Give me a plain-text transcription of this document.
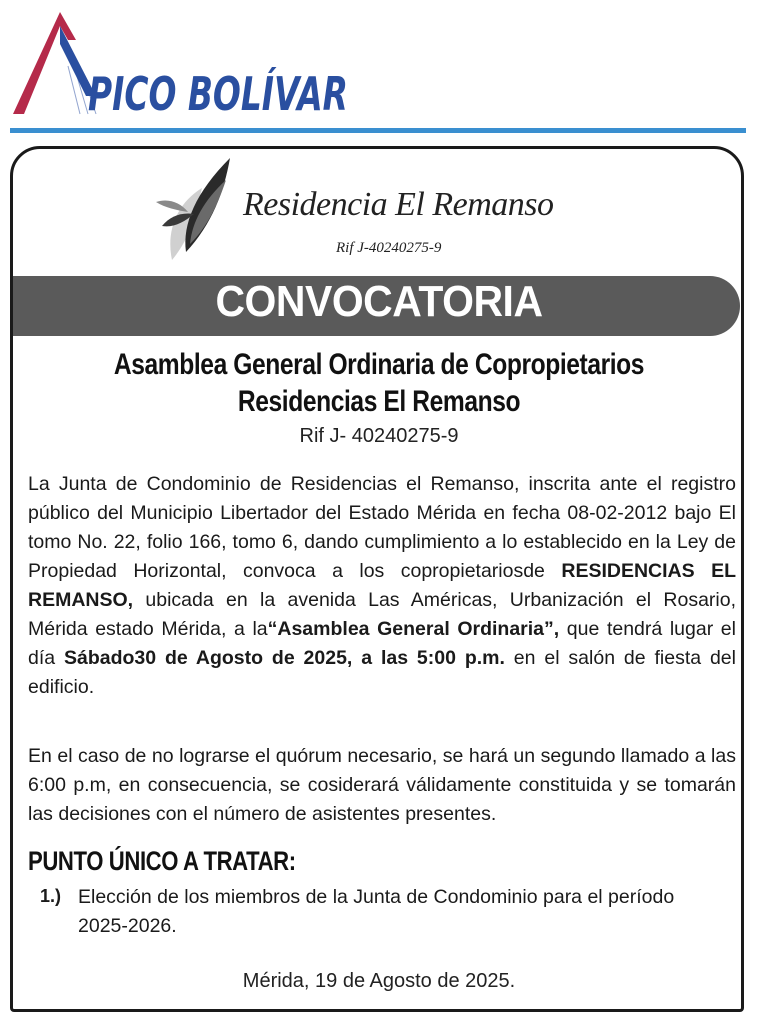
PICO BOLÍVAR
Residencia El Remanso
Rif J-40240275-9
CONVOCATORIA
Asamblea General Ordinaria de Copropietarios
Residencias El Remanso
Rif J- 40240275-9
La Junta de Condominio de Residencias el Remanso, inscrita ante el registro público del Municipio Libertador del Estado Mérida en fecha 08-02-2012 bajo El tomo No. 22, folio 166, tomo 6, dando cumplimiento a lo establecido en la Ley de Propiedad Horizontal, convoca a los copropietariosde RESIDENCIAS EL REMANSO, ubicada en la avenida Las Américas, Urbanización el Rosario, Mérida estado Mérida, a la“Asamblea General Ordinaria”, que tendrá lugar el día Sábado30 de Agosto de 2025, a las 5:00 p.m. en el salón de fiesta del edificio.
En el caso de no lograrse el quórum necesario, se hará un segundo llamado a las 6:00 p.m, en consecuencia, se cosiderará válidamente constituida y se tomarán las decisiones con el número de asistentes presentes.
PUNTO ÚNICO A TRATAR:
1.) Elección de los miembros de la Junta de Condominio para el período 2025-2026.
Mérida, 19 de Agosto de 2025.
